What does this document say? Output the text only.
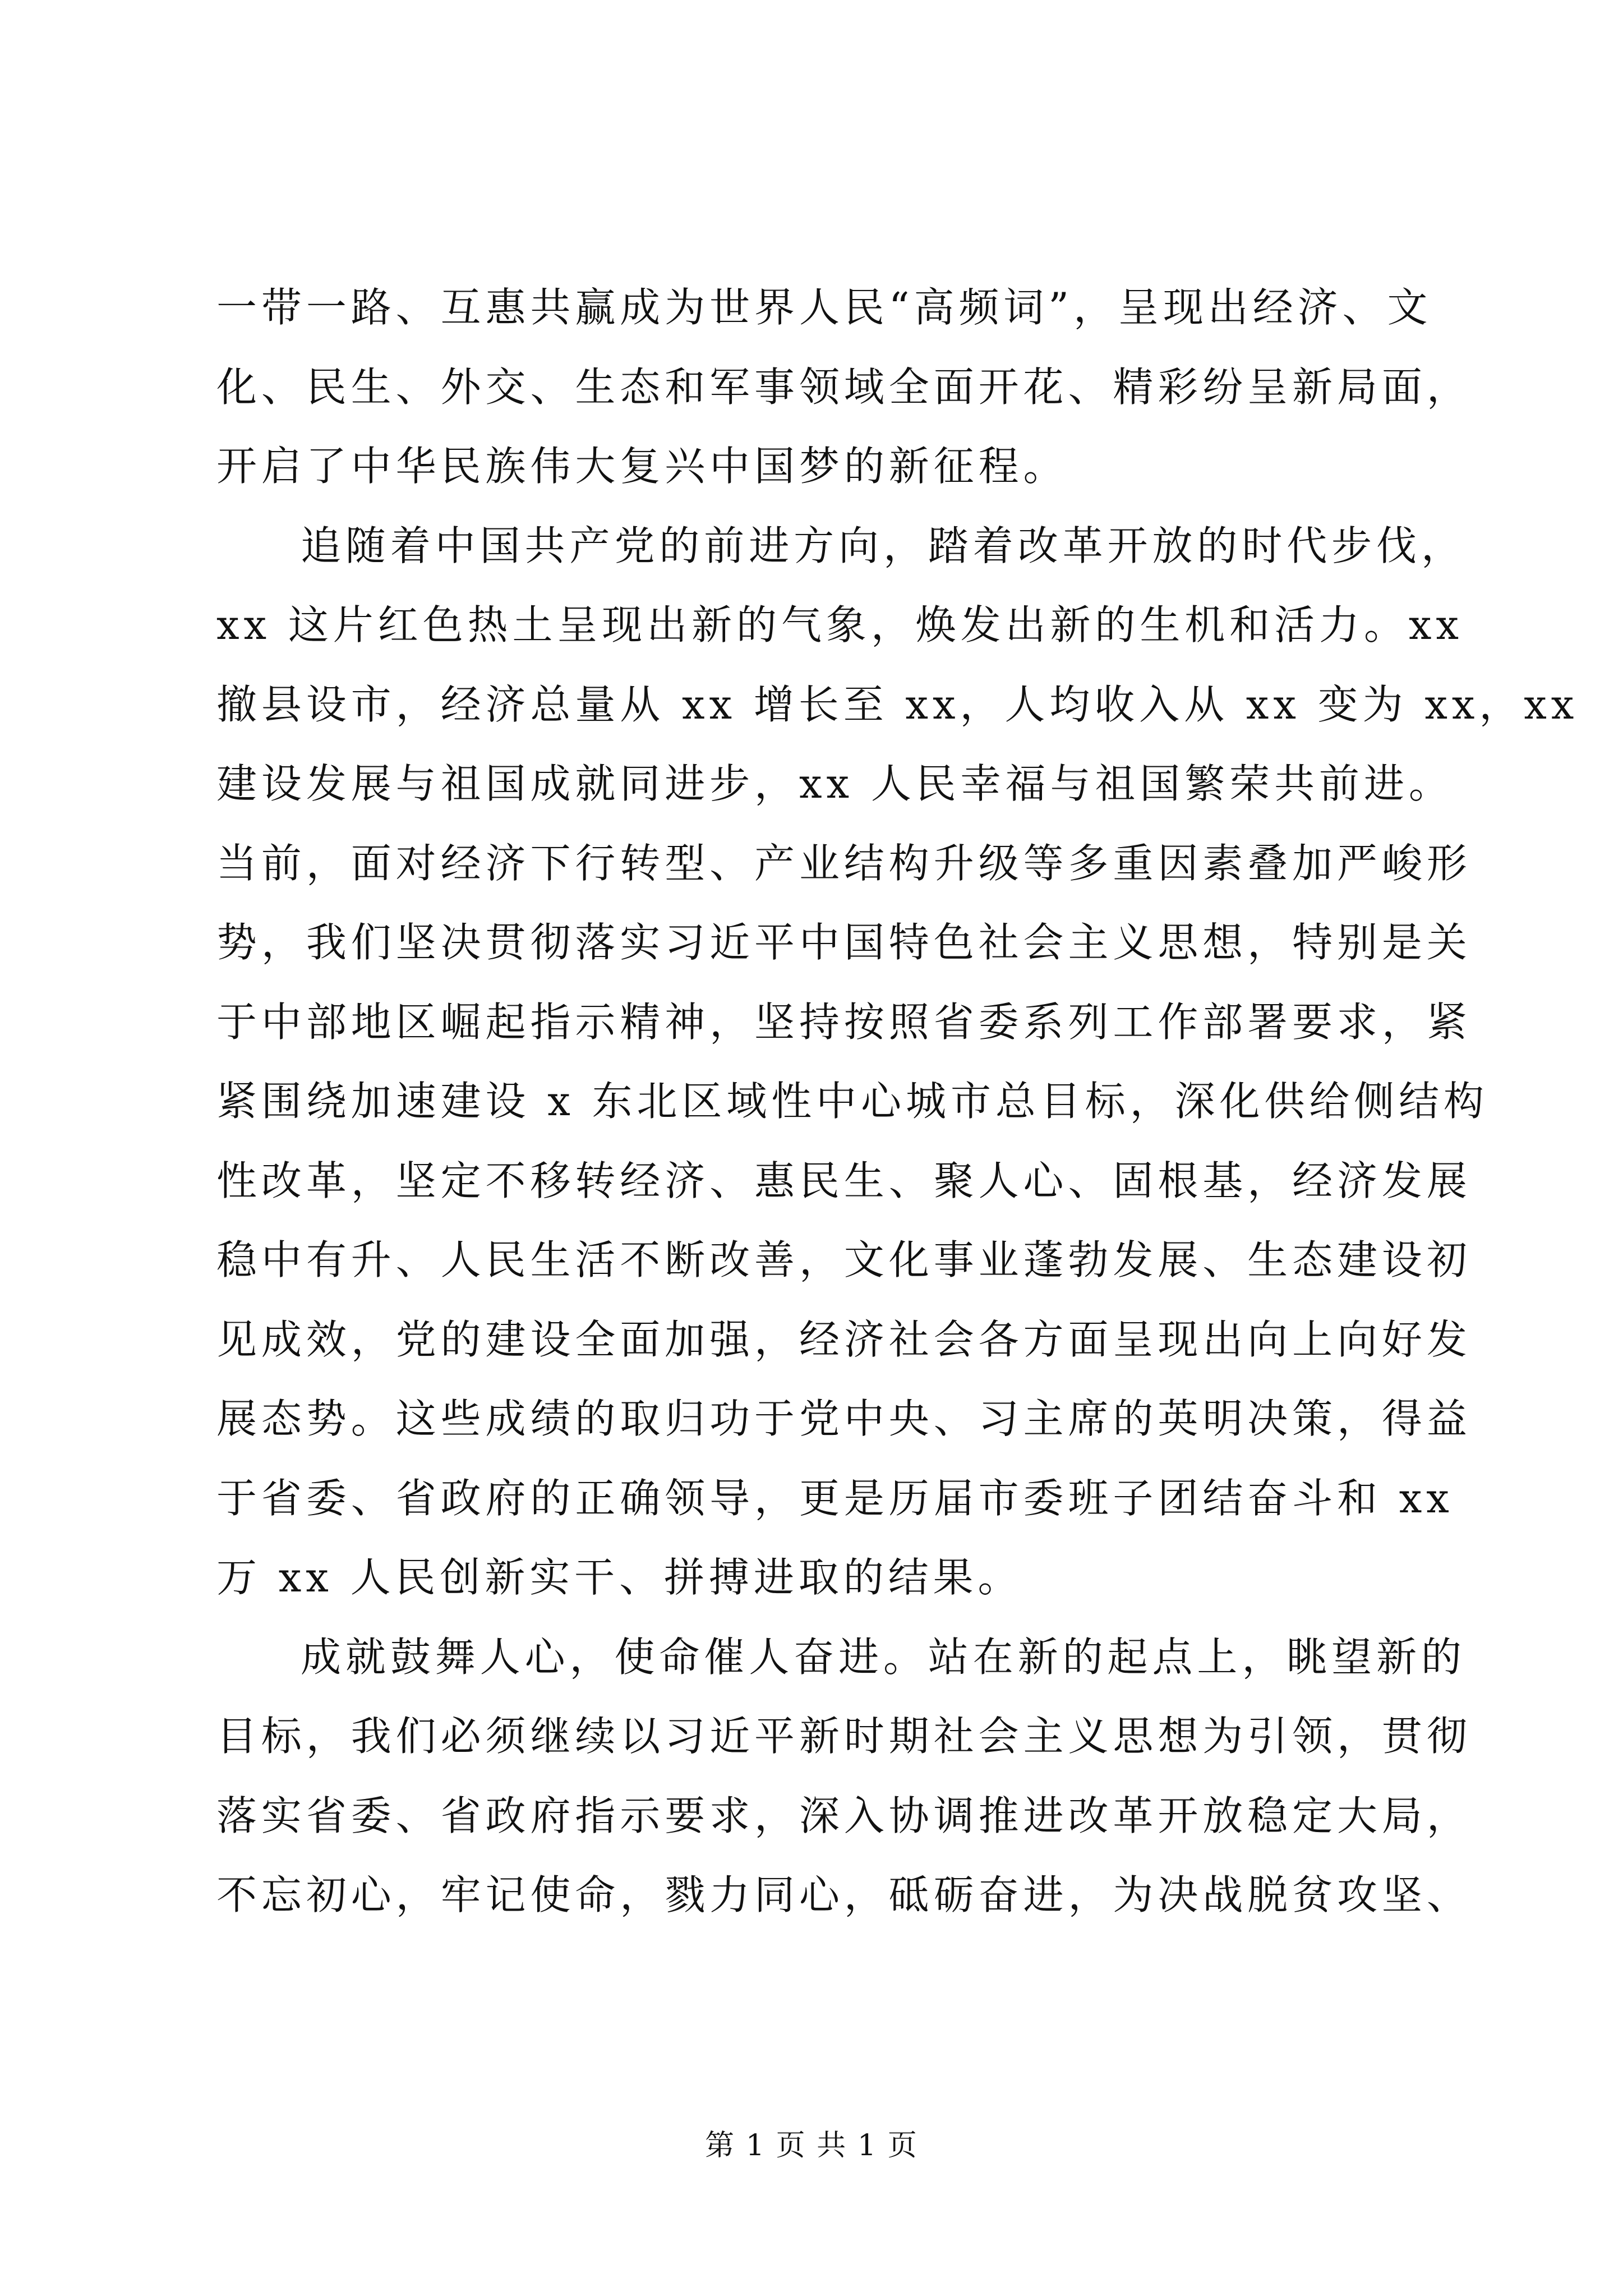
一带一路、互惠共赢成为世界人民“高频词”，呈现出经济、文
化、民生、外交、生态和军事领域全面开花、精彩纷呈新局面，
开启了中华民族伟大复兴中国梦的新征程。
追随着中国共产党的前进方向，踏着改革开放的时代步伐，
xx 这片红色热土呈现出新的气象，焕发出新的生机和活力。xx
撤县设市，经济总量从 xx 增长至 xx，人均收入从 xx 变为 xx，xx
建设发展与祖国成就同进步，xx 人民幸福与祖国繁荣共前进。
当前，面对经济下行转型、产业结构升级等多重因素叠加严峻形
势，我们坚决贯彻落实习近平中国特色社会主义思想，特别是关
于中部地区崛起指示精神，坚持按照省委系列工作部署要求，紧
紧围绕加速建设 x 东北区域性中心城市总目标，深化供给侧结构
性改革，坚定不移转经济、惠民生、聚人心、固根基，经济发展
稳中有升、人民生活不断改善，文化事业蓬勃发展、生态建设初
见成效，党的建设全面加强，经济社会各方面呈现出向上向好发
展态势。这些成绩的取归功于党中央、习主席的英明决策，得益
于省委、省政府的正确领导，更是历届市委班子团结奋斗和 xx
万 xx 人民创新实干、拼搏进取的结果。
成就鼓舞人心，使命催人奋进。站在新的起点上，眺望新的
目标，我们必须继续以习近平新时期社会主义思想为引领，贯彻
落实省委、省政府指示要求，深入协调推进改革开放稳定大局，
不忘初心，牢记使命，戮力同心，砥砺奋进，为决战脱贫攻坚、
第 1 页 共 1 页
